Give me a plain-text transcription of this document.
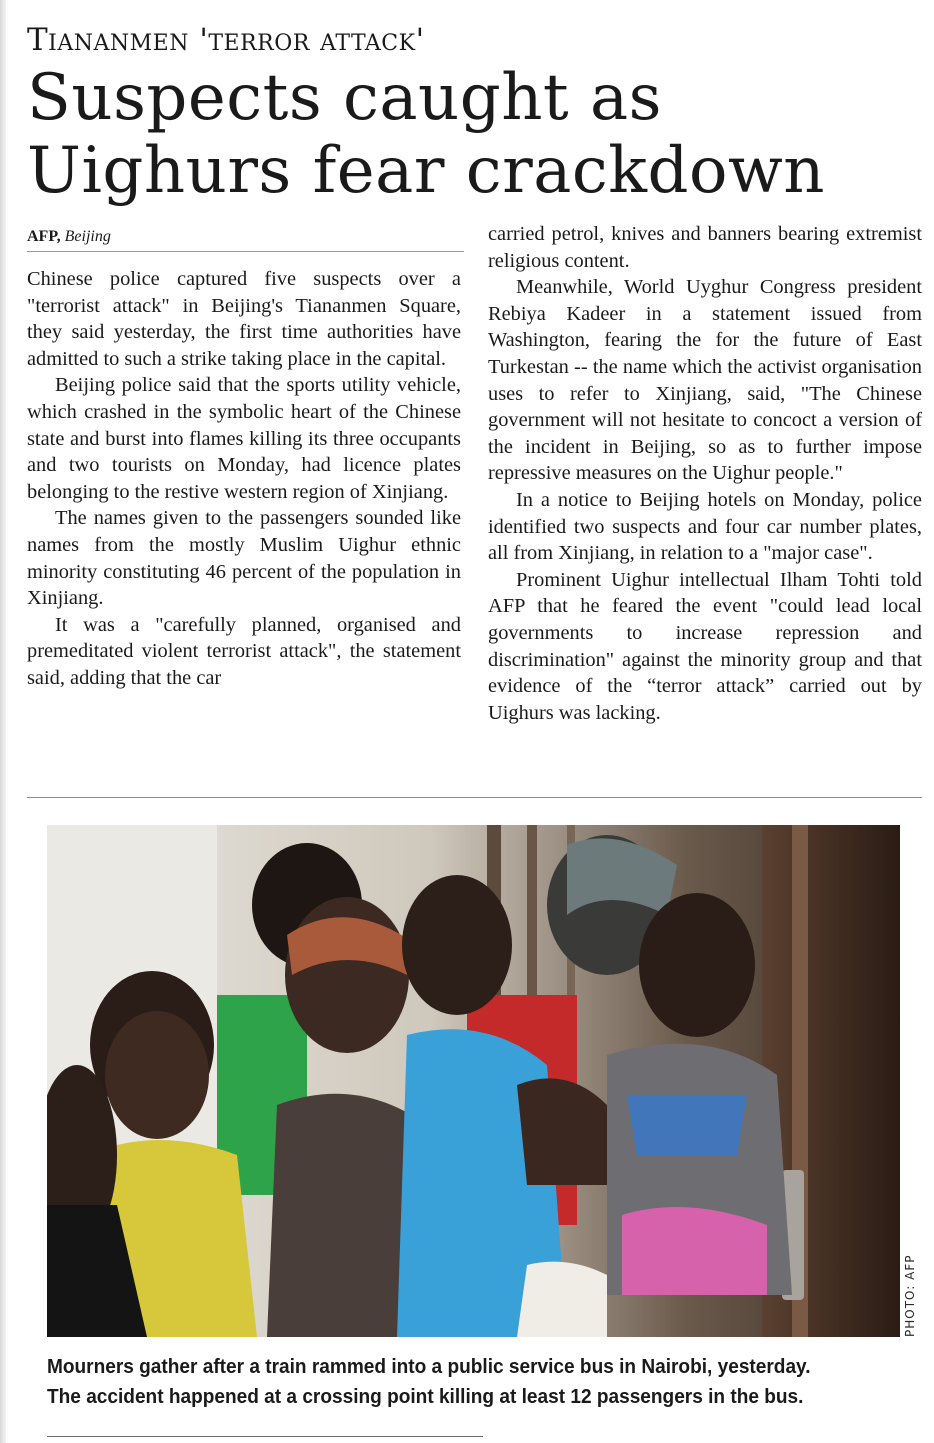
Tiananmen 'terror attack'
Suspects caught as Uighurs fear crackdown
AFP, Beijing

Chinese police captured five suspects over a "terrorist attack" in Beijing's Tiananmen Square, they said yesterday, the first time authorities have admitted to such a strike taking place in the capital.

Beijing police said that the sports utility vehicle, which crashed in the symbolic heart of the Chinese state and burst into flames killing its three occupants and two tourists on Monday, had licence plates belonging to the restive western region of Xinjiang.

The names given to the passengers sounded like names from the mostly Muslim Uighur ethnic minority constituting 46 percent of the population in Xinjiang.

It was a "carefully planned, organised and premeditated violent terrorist attack", the statement said, adding that the car

carried petrol, knives and banners bearing extremist religious content.

Meanwhile, World Uyghur Congress president Rebiya Kadeer in a statement issued from Washington, fearing the for the future of East Turkestan -- the name which the activist organisation uses to refer to Xinjiang, said, "The Chinese government will not hesitate to concoct a version of the incident in Beijing, so as to further impose repressive measures on the Uighur people."

In a notice to Beijing hotels on Monday, police identified two suspects and four car number plates, all from Xinjiang, in relation to a "major case".

Prominent Uighur intellectual Ilham Tohti told AFP that he feared the event "could lead local governments to increase repression and discrimination" against the minority group and that evidence of the “terror attack” carried out by Uighurs was lacking.

PHOTO: AFP
Mourners gather after a train rammed into a public service bus in Nairobi, yesterday.
The accident happened at a crossing point killing at least 12 passengers in the bus.
